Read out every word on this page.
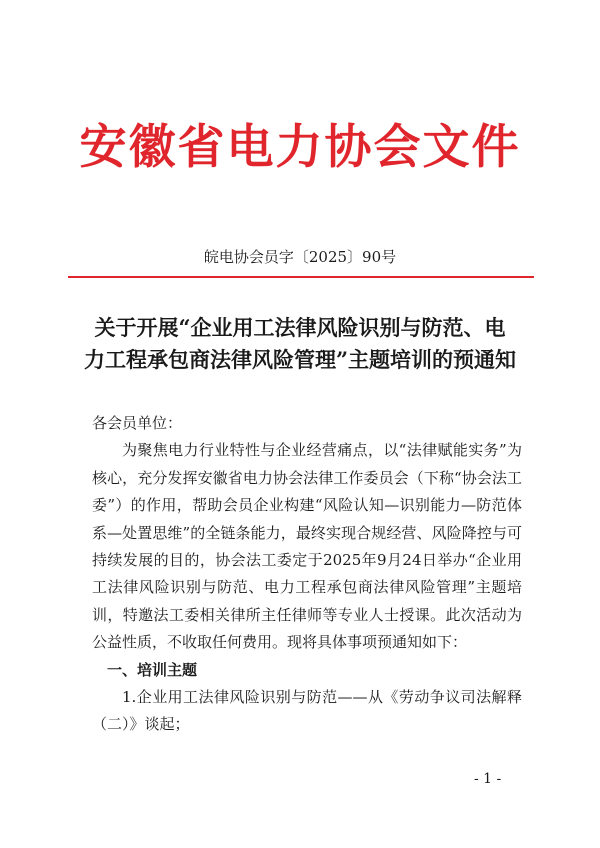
安徽省电力协会文件
皖电协会员字〔2025〕90号
关于开展“企业用工法律风险识别与防范、电
力工程承包商法律风险管理”主题培训的预通知
各会员单位：

为聚焦电力行业特性与企业经营痛点，以“法律赋能实务”为核心，充分发挥安徽省电力协会法律工作委员会（下称“协会法工委”）的作用，帮助会员企业构建“风险认知—识别能力—防范体系—处置思维”的全链条能力，最终实现合规经营、风险降控与可持续发展的目的，协会法工委定于2025年9月24日举办“企业用工法律风险识别与防范、电力工程承包商法律风险管理”主题培训，特邀法工委相关律所主任律师等专业人士授课。此次活动为公益性质，不收取任何费用。现将具体事项预通知如下：

一、培训主题

1.企业用工法律风险识别与防范——从《劳动争议司法解释（二）》谈起；

- 1 -
